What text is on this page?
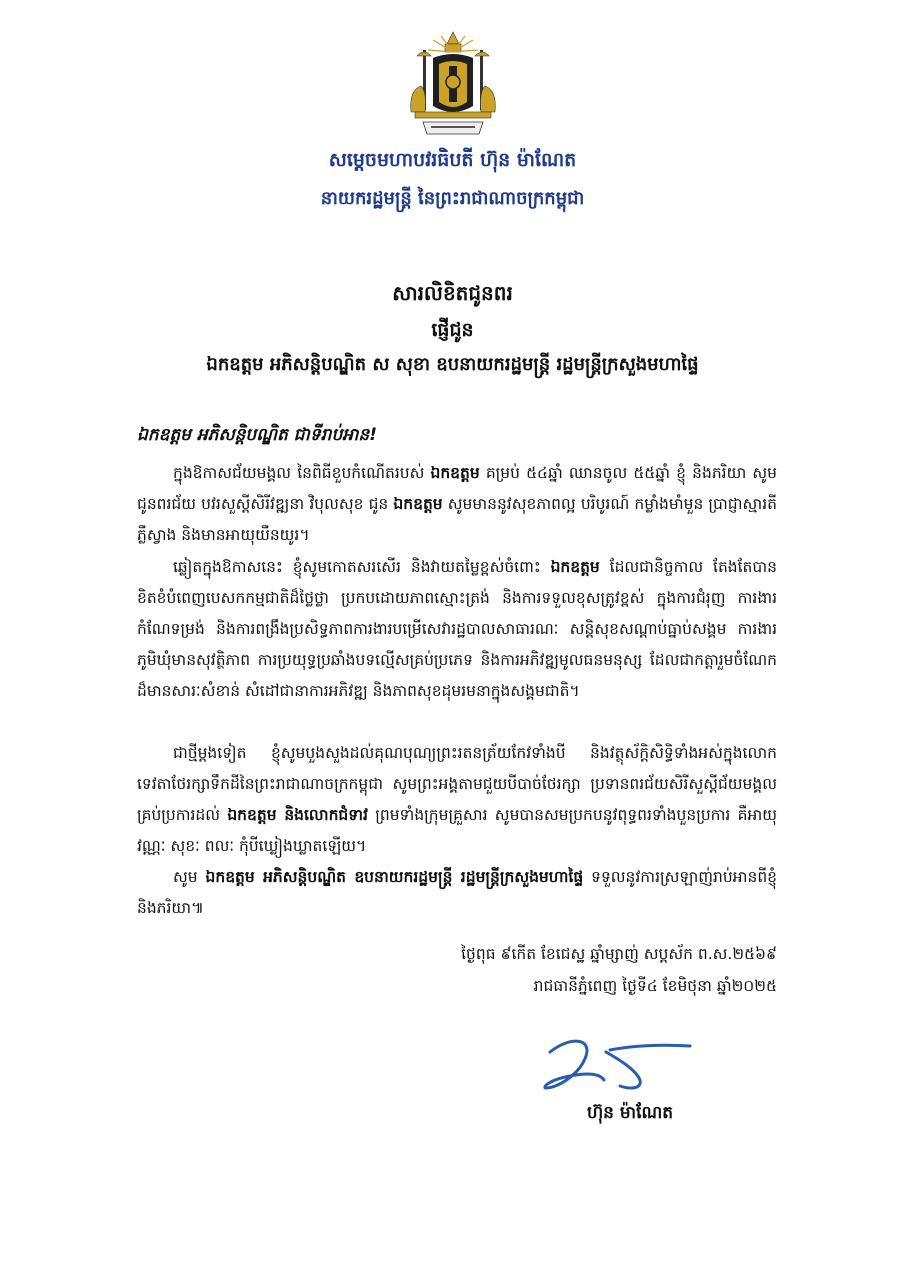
សម្តេចមហាបវរធិបតី ហ៊ុន ម៉ាណែត
នាយករដ្ឋមន្ត្រី នៃព្រះរាជាណាចក្រកម្ពុជា
សារលិខិតជូនពរ
ផ្ញើជូន
ឯកឧត្តម អភិសន្តិបណ្ឌិត ស សុខា ឧបនាយករដ្ឋមន្ត្រី រដ្ឋមន្ត្រីក្រសួងមហាផ្ទៃ
ឯកឧត្តម អភិសន្តិបណ្ឌិត ជាទីរាប់អាន!

ក្នុងឱកាសជ័យមង្គល នៃពិធីខួបកំណើតរបស់ ឯកឧត្តម គម្រប់ ៥៤ឆ្នាំ ឈានចូល ៥៥ឆ្នាំ ខ្ញុំ និងភរិយា សូមជូនពរជ័យ បវរសួស្តីសិរីវឌ្ឍនា វិបុលសុខ ជូន ឯកឧត្តម សូមមាននូវសុខភាពល្អ បរិបូរណ៍ កម្លាំងមាំមួន ប្រាជ្ញាស្មារតីភ្លឺស្វាង និងមានអាយុយឺនយូរ។

ឆ្លៀតក្នុងឱកាសនេះ ខ្ញុំសូមកោតសរសើរ និងវាយតម្លៃខ្ពស់ចំពោះ ឯកឧត្តម ដែលជានិច្ចកាល តែងតែបានខិតខំបំពេញបេសកកម្មជាតិដ៏ថ្លៃថ្លា ប្រកបដោយភាពស្មោះត្រង់ និងការទទួលខុសត្រូវខ្ពស់ ក្នុងការជំរុញ ការងារកំណែទម្រង់ និងការពង្រឹងប្រសិទ្ធភាពការងារបម្រើសេវារដ្ឋបាលសាធារណៈ សន្តិសុខសណ្តាប់ធ្នាប់សង្គម ការងារភូមិឃុំមានសុវត្ថិភាព ការប្រយុទ្ធប្រឆាំងបទល្មើសគ្រប់ប្រភេទ និងការអភិវឌ្ឍមូលធនមនុស្ស ដែលជាកត្តារួមចំណែកដ៏មានសារៈសំខាន់ សំដៅជានាការអភិវឌ្ឍ និងភាពសុខដុមរមនាក្នុងសង្គមជាតិ។

ជាថ្មីម្តងទៀត ខ្ញុំសូមបួងសួងដល់គុណបុណ្យព្រះរតនត្រ័យកែវទាំងបី និងវត្ថុស័ក្តិសិទ្ធិទាំងអស់ក្នុងលោក ទេវតាថែរក្សាទឹកដីនៃព្រះរាជាណាចក្រកម្ពុជា សូមព្រះអង្គតាមជួយបីបាច់ថែរក្សា ប្រទានពរជ័យសិរីសួស្តីជ័យមង្គលគ្រប់ប្រការដល់ ឯកឧត្តម និងលោកជំទាវ ព្រមទាំងក្រុមគ្រួសារ សូមបានសមប្រកបនូវពុទ្ធពរទាំងបួនប្រការ គឺអាយុ វណ្ណៈ សុខៈ ពលៈ កុំបីឃ្លៀងឃ្លាតឡើយ។

សូម ឯកឧត្តម អភិសន្តិបណ្ឌិត ឧបនាយករដ្ឋមន្ត្រី រដ្ឋមន្ត្រីក្រសួងមហាផ្ទៃ ទទួលនូវការស្រឡាញ់រាប់អានពីខ្ញុំ និងភរិយា៕

ថ្ងៃពុធ ៩កើត ខែជេស្ឋ ឆ្នាំម្សាញ់ សប្តស័ក ព.ស.២៥៦៩
រាជធានីភ្នំពេញ ថ្ងៃទី៤ ខែមិថុនា ឆ្នាំ២០២៥
ហ៊ុន ម៉ាណែត
